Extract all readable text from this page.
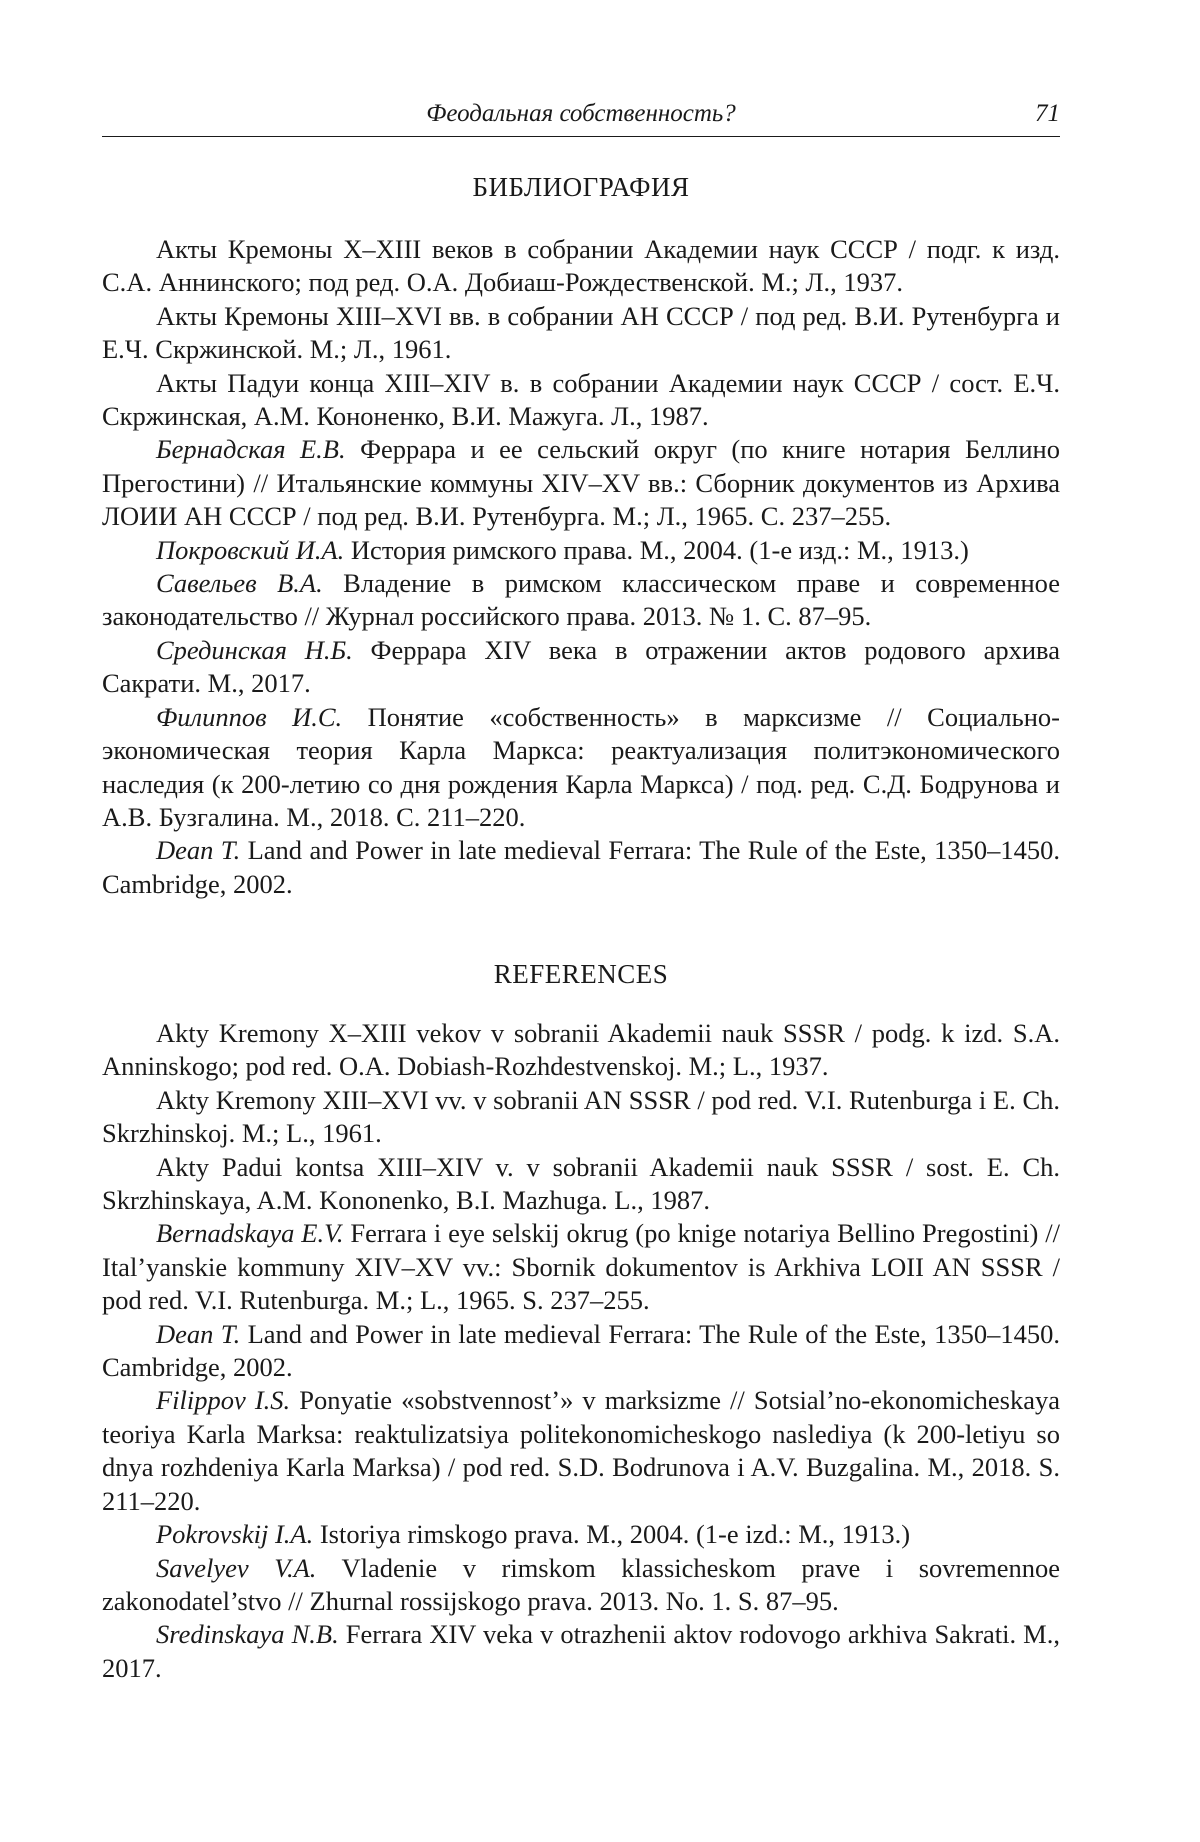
Феодальная собственность?	71
БИБЛИОГРАФИЯ

Акты Кремоны X–XIII веков в собрании Академии наук СССР / подг. к изд. С.А. Аннинского; под ред. О.А. Добиаш-Рождественской. М.; Л., 1937.

Акты Кремоны XIII–XVI вв. в собрании АН СССР / под ред. В.И. Ру­тенбурга и Е.Ч. Скржинской. М.; Л., 1961.

Акты Падуи конца XIII–XIV в. в собрании Академии наук СССР / сост. Е.Ч. Скржинская, А.М. Кононенко, В.И. Мажуга. Л., 1987.

Бернадская Е.В. Феррара и ее сельский округ (по книге нотария Беллино Прегостини) // Итальянские коммуны XIV–XV вв.: Сборник документов из Архива ЛОИИ АН СССР / под ред. В.И. Рутенбурга. М.; Л., 1965. С. 237–255.

Покровский И.А. История римского права. М., 2004. (1-е изд.: М., 1913.)

Савельев В.А. Владение в римском классическом праве и современное законодательство // Журнал российского права. 2013. № 1. С. 87–95.

Срединская Н.Б. Феррара XIV века в отражении актов родового архива Сакрати. М., 2017.

Филиппов И.С. Понятие «собственность» в марксизме // Социально-экономическая теория Карла Маркса: реактуализация политэкономиче­ского наследия (к 200-летию со дня рождения Карла Маркса) / под. ред. С.Д. Бодрунова и А.В. Бузгалина. М., 2018. С. 211–220.

Dean T. Land and Power in late medieval Ferrara: The Rule of the Este, 1350–1450. Cambridge, 2002.

REFERENCES

Akty Kremony X–XIII vekov v sobranii Akademii nauk SSSR / podg. k izd. S.A. Anninskogo; pod red. O.A. Dobiash-Rozhdestvenskoj. M.; L., 1937.

Akty Kremony XIII–XVI vv. v sobranii AN SSSR / pod red. V.I. Rutenbur­ga i E. Ch. Skrzhinskoj. M.; L., 1961.

Akty Padui kontsa XIII–XIV v. v sobranii Akademii nauk SSSR / sost. E. Ch. Skrzhinskaya, A.M. Kononenko, B.I. Mazhuga. L., 1987.

Bernadskaya E.V. Ferrara i eye selskij okrug (po knige notariya Bellino Pregostini) // Ital’yanskie kommuny XIV–XV vv.: Sbornik dokumentov is Arkh­iva LOII AN SSSR / pod red. V.I. Rutenburga. M.; L., 1965. S. 237–255.

Dean T. Land and Power in late medieval Ferrara: The Rule of the Este, 1350–1450. Cambridge, 2002.

Filippov I.S. Ponyatie «sobstvennost’» v marksizme // Sotsial’no-ekonomi­cheskaya teoriya Karla Marksa: reaktulizatsiya politekonomicheskogo nasledi­ya (k 200-letiyu so dnya rozhdeniya Karla Marksa) / pod red. S.D. Bodrunova i A.V. Buzgalina. M., 2018. S. 211–220.

Pokrovskij I.A. Istoriya rimskogo prava. M., 2004. (1-e izd.: M., 1913.)

Savelyev V.A. Vladenie v rimskom klassicheskom prave i sovremennoe zakonodatel’stvo // Zhurnal rossijskogo prava. 2013. No. 1. S. 87–95.

Sredinskaya N.B. Ferrara XIV veka v otrazhenii aktov rodovogo arkhiva Sakrati. M., 2017.
